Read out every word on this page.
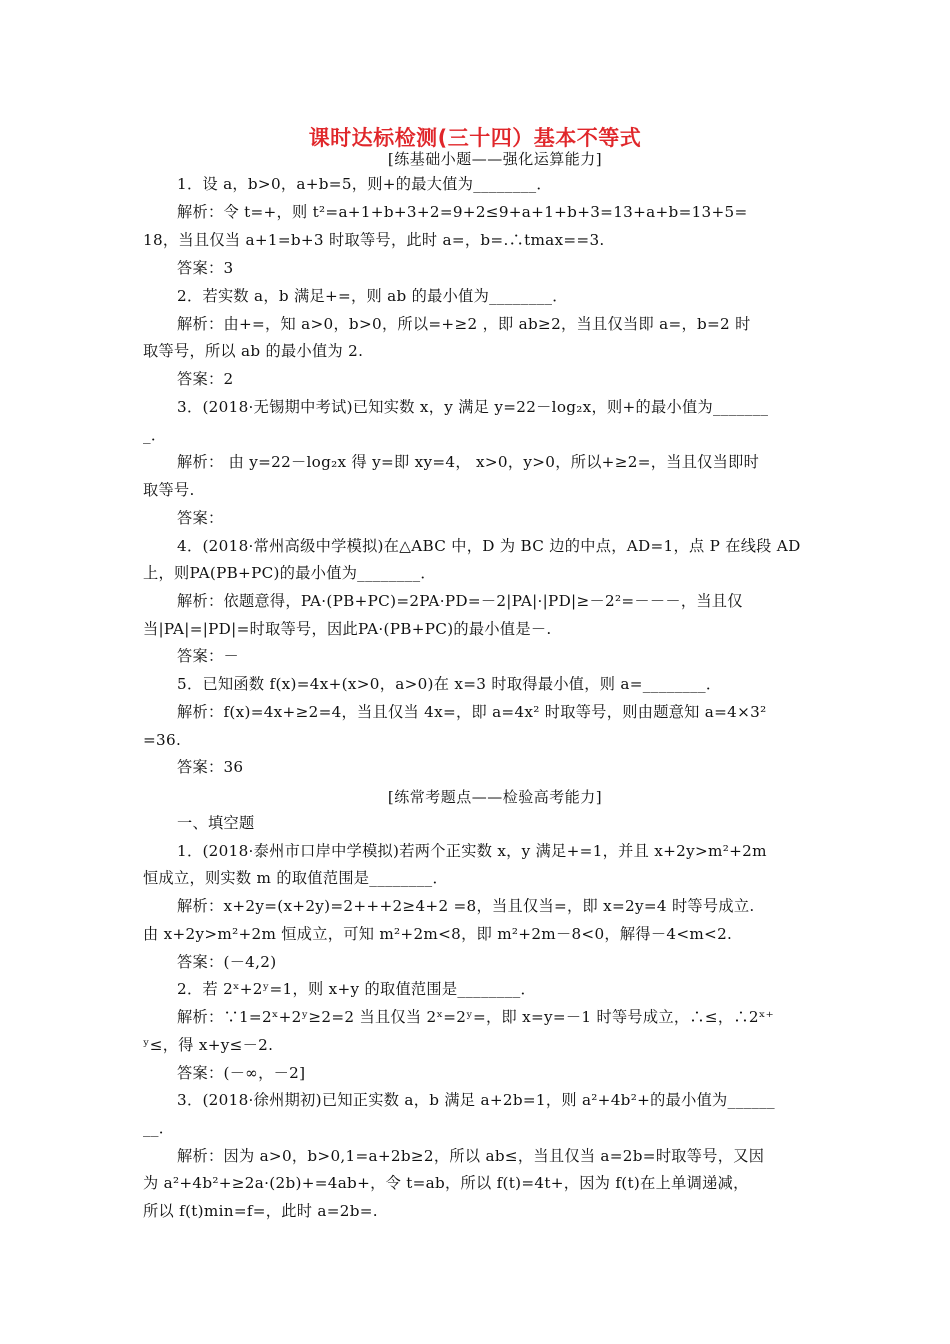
课时达标检测(三十四）基本不等式
[练基础小题——强化运算能力]
1．设 a，b>0，a+b=5，则+的最大值为________．
解析：令 t=+，则 t²=a+1+b+3+2=9+2≤9+a+1+b+3=13+a+b=13+5=
18，当且仅当 a+1=b+3 时取等号，此时 a=，b=.∴tmax==3.
答案：3
2．若实数 a，b 满足+=，则 ab 的最小值为________．
解析：由+=，知 a>0，b>0，所以=+≥2 ，即 ab≥2，当且仅当即 a=，b=2 时
取等号，所以 ab 的最小值为 2.
答案：2
3．(2018·无锡期中考试)已知实数 x，y 满足 y=22－log₂x，则+的最小值为_______
_．
解析： 由 y=22－log₂x 得 y=即 xy=4， x>0，y>0，所以+≥2=，当且仅当即时
取等号.
答案：
4．(2018·常州高级中学模拟)在△ABC 中，D 为 BC 边的中点，AD=1，点 P 在线段 AD
上，则PA(PB+PC)的最小值为________．
解析：依题意得，PA·(PB+PC)=2PA·PD=－2|PA|·|PD|≥－2²=－－－，当且仅
当|PA|=|PD|=时取等号，因此PA·(PB+PC)的最小值是－.
答案：－
5．已知函数 f(x)=4x+(x>0，a>0)在 x=3 时取得最小值，则 a=________．
解析：f(x)=4x+≥2=4，当且仅当 4x=，即 a=4x² 时取等号，则由题意知 a=4×3²
=36.
答案：36
[练常考题点——检验高考能力]
一、填空题
1．(2018·泰州市口岸中学模拟)若两个正实数 x，y 满足+=1，并且 x+2y>m²+2m
恒成立，则实数 m 的取值范围是________．
解析：x+2y=(x+2y)=2+++2≥4+2 =8，当且仅当=，即 x=2y=4 时等号成立.
由 x+2y>m²+2m 恒成立，可知 m²+2m<8，即 m²+2m－8<0，解得－4<m<2.
答案：(－4,2)
2．若 2ˣ+2ʸ=1，则 x+y 的取值范围是________．
解析：∵1=2ˣ+2ʸ≥2=2 当且仅当 2ˣ=2ʸ=，即 x=y=－1 时等号成立，∴≤，∴2ˣ⁺
ʸ≤，得 x+y≤－2.
答案：(－∞，－2]
3．(2018·徐州期初)已知正实数 a，b 满足 a+2b=1，则 a²+4b²+的最小值为______
__．
解析：因为 a>0，b>0,1=a+2b≥2，所以 ab≤，当且仅当 a=2b=时取等号，又因
为 a²+4b²+≥2a·(2b)+=4ab+，令 t=ab，所以 f(t)=4t+，因为 f(t)在上单调递减，
所以 f(t)min=f=，此时 a=2b=.
